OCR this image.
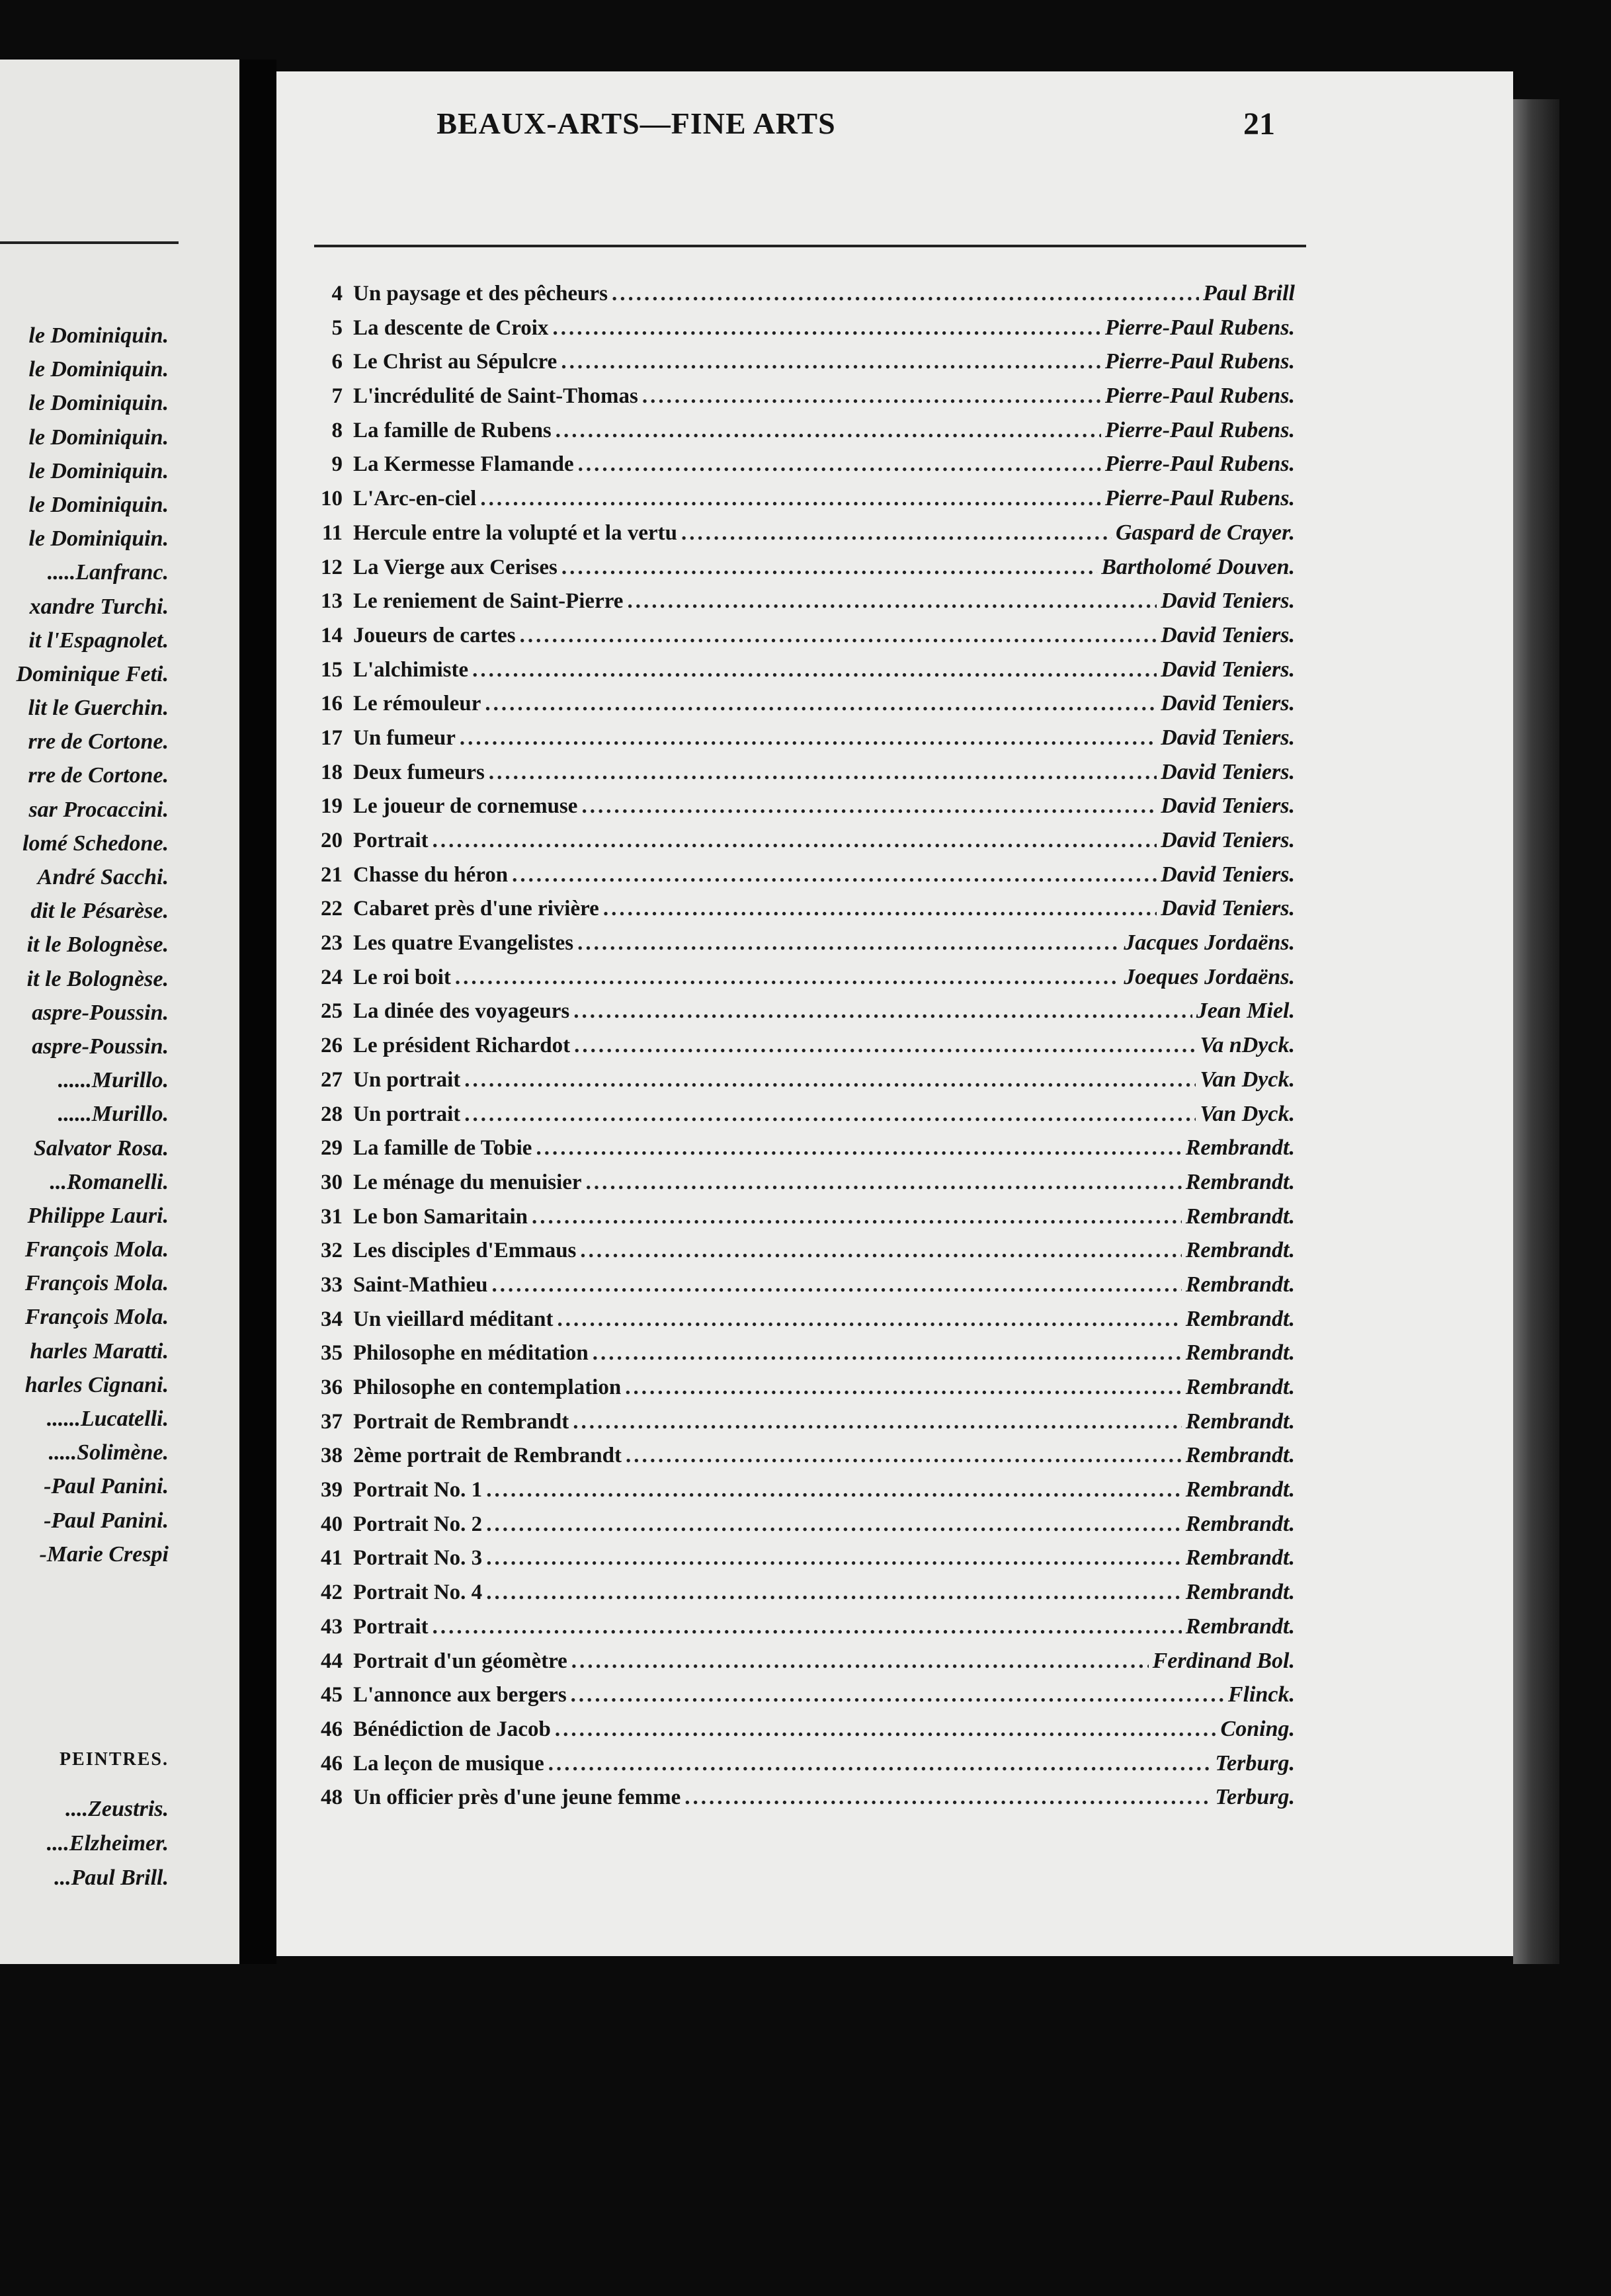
le Dominiquin.
le Dominiquin.
le Dominiquin.
le Dominiquin.
le Dominiquin.
le Dominiquin.
le Dominiquin.
.....Lanfranc.
xandre Turchi.
it l'Espagnolet.
Dominique Feti.
lit le Guerchin.
rre de Cortone.
rre de Cortone.
sar Procaccini.
lomé Schedone.
André Sacchi.
dit le Pésarèse.
it le Bolognèse.
it le Bolognèse.
aspre-Poussin.
aspre-Poussin.
......Murillo.
......Murillo.
Salvator Rosa.
...Romanelli.
Philippe Lauri.
François Mola.
François Mola.
François Mola.
harles Maratti.
harles Cignani.
......Lucatelli.
.....Solimène.
-Paul Panini.
-Paul Panini.
-Marie Crespi
PEINTRES.
....Zeustris.
....Elzheimer.
...Paul Brill.
BEAUX-ARTS—FINE ARTS	21
4 Un paysage et des pêcheurs .....	Paul Brill
5 La descente de Croix .....	Pierre-Paul Rubens.
6 Le Christ au Sépulcre .....	Pierre-Paul Rubens.
7 L'incrédulité de Saint-Thomas .....	Pierre-Paul Rubens.
8 La famille de Rubens .....	Pierre-Paul Rubens.
9 La Kermesse Flamande .....	Pierre-Paul Rubens.
10 L'Arc-en-ciel .....	Pierre-Paul Rubens.
11 Hercule entre la volupté et la vertu .....	Gaspard de Crayer.
12 La Vierge aux Cerises .....	Bartholomé Douven.
13 Le reniement de Saint-Pierre .....	David Teniers.
14 Joueurs de cartes .....	David Teniers.
15 L'alchimiste .....	David Teniers.
16 Le rémouleur .....	David Teniers.
17 Un fumeur .....	David Teniers.
18 Deux fumeurs .....	David Teniers.
19 Le joueur de cornemuse .....	David Teniers.
20 Portrait .....	David Teniers.
21 Chasse du héron .....	David Teniers.
22 Cabaret près d'une rivière .....	David Teniers.
23 Les quatre Evangelistes .....	Jacques Jordaëns.
24 Le roi boit .....	Joeques Jordaëns.
25 La dinée des voyageurs .....	Jean Miel.
26 Le président Richardot .....	Va nDyck.
27 Un portrait .....	Van Dyck.
28 Un portrait .....	Van Dyck.
29 La famille de Tobie .....	Rembrandt.
30 Le ménage du menuisier .....	Rembrandt.
31 Le bon Samaritain .....	Rembrandt.
32 Les disciples d'Emmaus .....	Rembrandt.
33 Saint-Mathieu .....	Rembrandt.
34 Un vieillard méditant .....	Rembrandt.
35 Philosophe en méditation .....	Rembrandt.
36 Philosophe en contemplation .....	Rembrandt.
37 Portrait de Rembrandt .....	Rembrandt.
38 2ème portrait de Rembrandt .....	Rembrandt.
39 Portrait No. 1 .....	Rembrandt.
40 Portrait No. 2 .....	Rembrandt.
41 Portrait No. 3 .....	Rembrandt.
42 Portrait No. 4 .....	Rembrandt.
43 Portrait .....	Rembrandt.
44 Portrait d'un géomètre .....	Ferdinand Bol.
45 L'annonce aux bergers .....	Flinck.
46 Bénédiction de Jacob .....	Coning.
46 La leçon de musique .....	Terburg.
48 Un officier près d'une jeune femme .....	Terburg.
